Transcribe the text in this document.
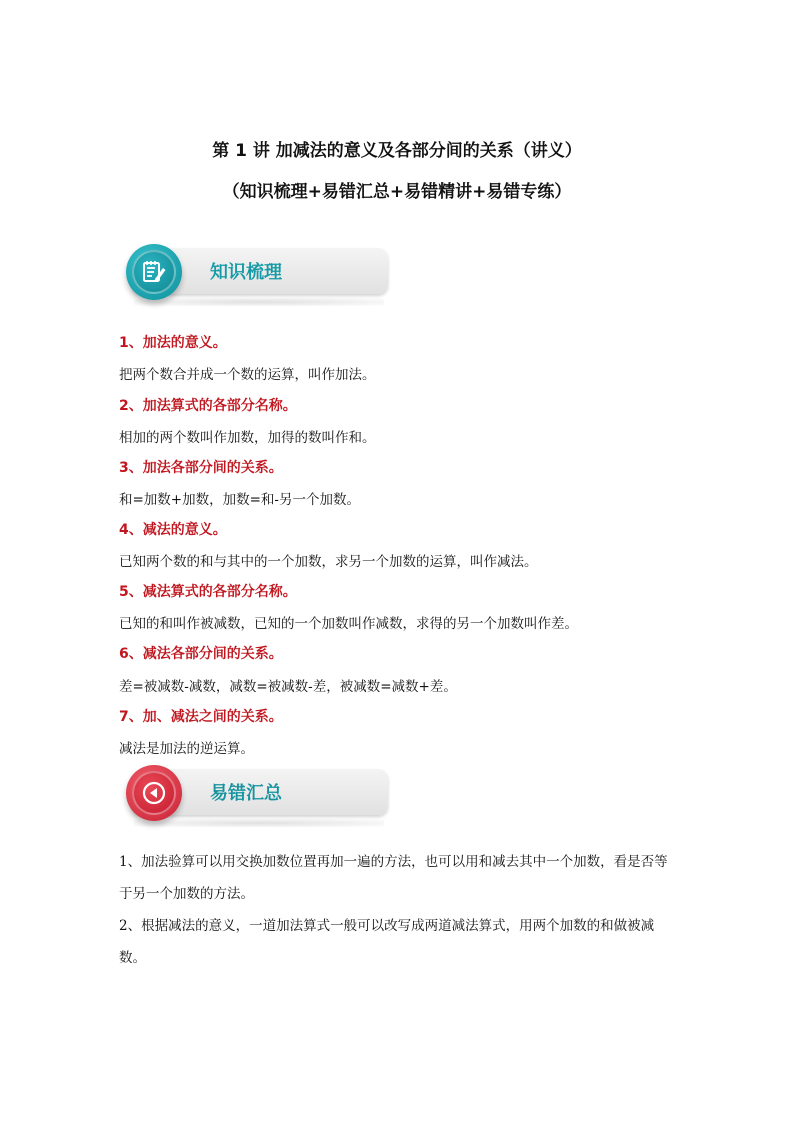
第 1 讲 加减法的意义及各部分间的关系（讲义）
（知识梳理+易错汇总+易错精讲+易错专练）
知识梳理
1、加法的意义。
把两个数合并成一个数的运算，叫作加法。
2、加法算式的各部分名称。
相加的两个数叫作加数，加得的数叫作和。
3、加法各部分间的关系。
和=加数+加数，加数=和-另一个加数。
4、减法的意义。
已知两个数的和与其中的一个加数，求另一个加数的运算，叫作减法。
5、减法算式的各部分名称。
已知的和叫作被减数，已知的一个加数叫作减数，求得的另一个加数叫作差。
6、减法各部分间的关系。
差=被减数-减数，减数=被减数-差，被减数=减数+差。
7、加、减法之间的关系。
减法是加法的逆运算。
易错汇总
1、加法验算可以用交换加数位置再加一遍的方法，也可以用和减去其中一个加数，看是否等于另一个加数的方法。
2、根据减法的意义，一道加法算式一般可以改写成两道减法算式，用两个加数的和做被减数。
